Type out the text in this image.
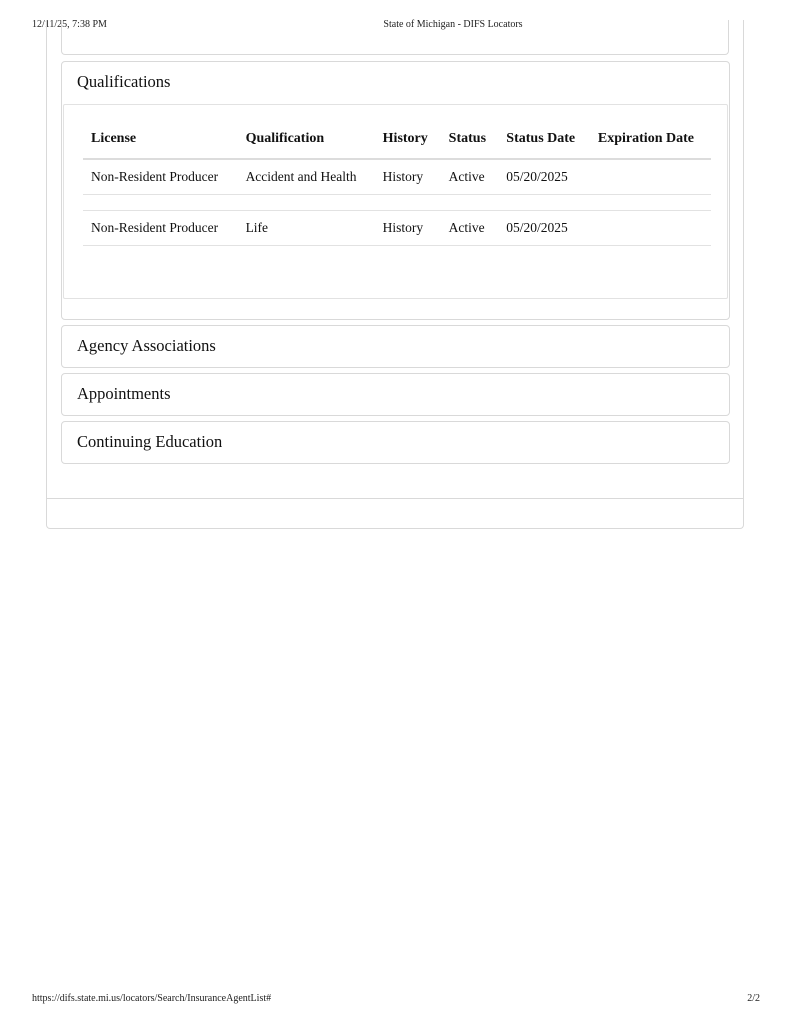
12/11/25, 7:38 PM	State of Michigan - DIFS Locators
Qualifications
License	Qualification	History	Status	Status Date	Expiration Date
Non-Resident Producer	Accident and Health	History	Active	05/20/2025	

Non-Resident Producer	Life	History	Active	05/20/2025	
Agency Associations
Appointments
Continuing Education
https://difs.state.mi.us/locators/Search/InsuranceAgentList#	2/2
